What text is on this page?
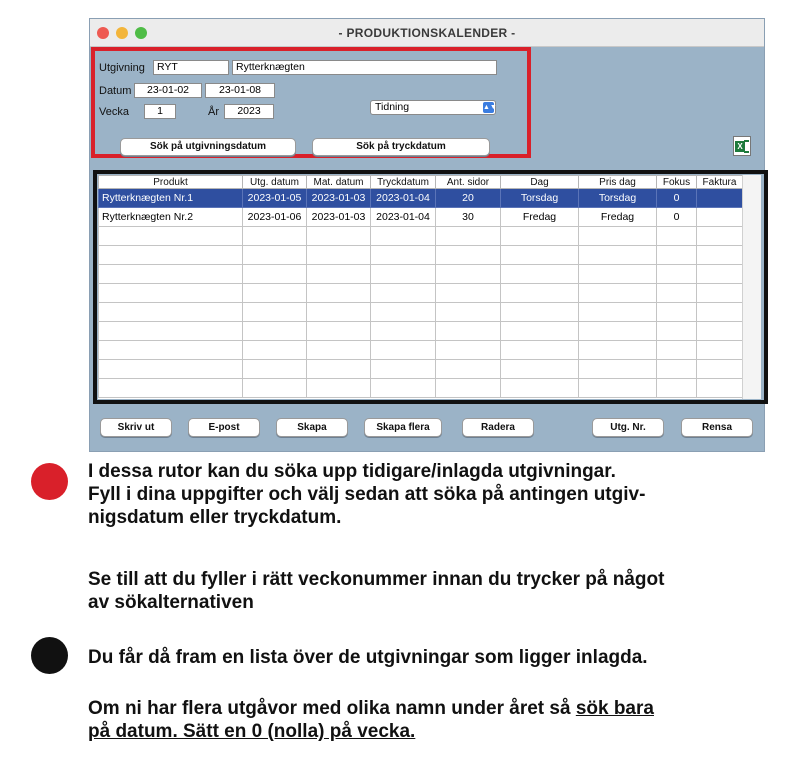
- PRODUKTIONSKALENDER -
Utgivning	RYT	Rytterknægten
Datum	23-01-02	23-01-08
Vecka	1	År	2023	Tidning	▲▼
Sök på utgivningsdatum	Sök på tryckdatum	X
Produkt	Utg. datum	Mat. datum	Tryckdatum	Ant. sidor	Dag	Pris dag	Fokus	Faktura
Rytterknægten Nr.1	2023-01-05	2023-01-03	2023-01-04	20	Torsdag	Torsdag	0	
Rytterknægten Nr.2	2023-01-06	2023-01-03	2023-01-04	30	Fredag	Fredag	0	

Skriv ut	E-post	Skapa	Skapa flera	Radera	Utg. Nr.	Rensa
I dessa rutor kan du söka upp tidigare/inlagda utgivningar.
Fyll i dina uppgifter och välj sedan att söka på antingen utgiv-
nigsdatum eller tryckdatum.
Se till att du fyller i rätt veckonummer innan du trycker på något
av sökalternativen
Du får då fram en lista över de utgivningar som ligger inlagda.
Om ni har flera utgåvor med olika namn under året så sök bara
på datum. Sätt en 0 (nolla) på vecka.
